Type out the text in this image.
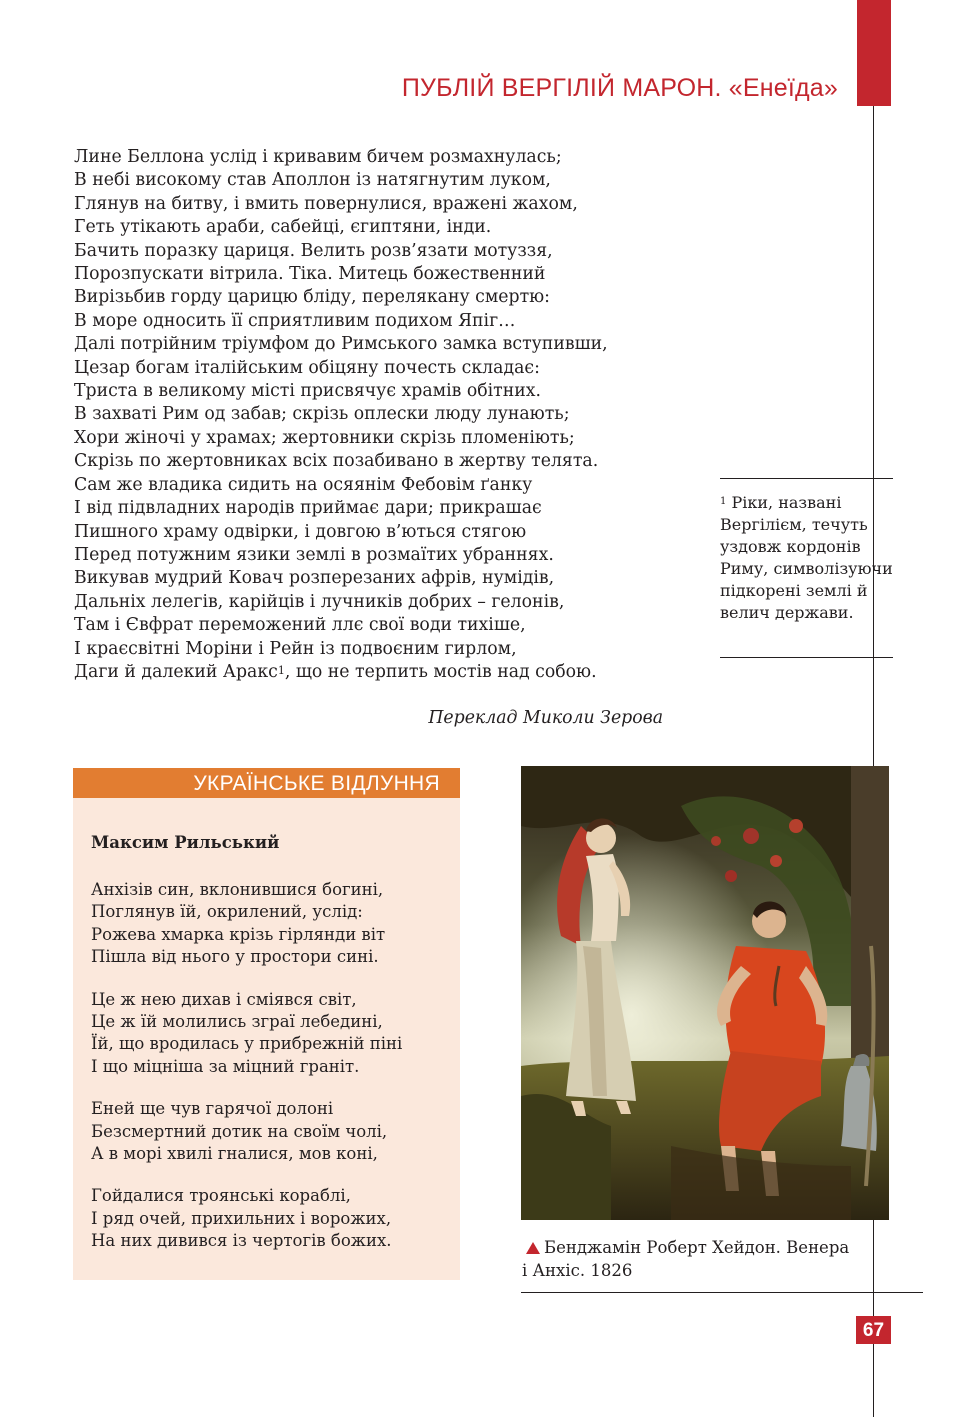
ПУБЛІЙ ВЕРГІЛІЙ МАРОН. «Енеїда»
Лине Беллона услід і кривавим бичем розмахнулась;
В небі високому став Аполлон із натягнутим луком,
Глянув на битву, і вмить повернулися, вражені жахом,
Геть утікають араби, сабейці, єгиптяни, інди.
Бачить поразку цариця. Велить розв’язати мотуззя,
Порозпускати вітрила. Тіка. Митець божественний
Вирізьбив горду царицю бліду, перелякану смертю:
В море односить її сприятливим подихом Япіг…
Далі потрійним тріумфом до Римського замка вступивши,
Цезар богам італійським обіцяну почесть складає:
Триста в великому місті присвячує храмів обітних.
В захваті Рим од забав; скрізь оплески люду лунають;
Хори жіночі у храмах; жертовники скрізь пломеніють;
Скрізь по жертовниках всіх позабивано в жертву телята.
Сам же владика сидить на осяянім Фебовім ґанку
І від підвладних народів приймає дари; прикрашає
Пишного храму одвірки, і довгою в’ються стягою
Перед потужним язики землі в розмаїтих убраннях.
Викував мудрий Ковач розперезаних афрів, нумідів,
Дальніх лелегів, карійців і лучників добрих – гелонів,
Там і Євфрат переможений ллє свої води тихіше,
І краєсвітні Моріни і Рейн із подвоєним гирлом,
Даги й далекий Аракс$^1$, що не терпить мостів над собою.
Переклад Миколи Зерова
$^1$ Ріки, названі Вергілієм, течуть уздовж кордонів Риму, символізуючи підкорені землі й велич держави.
УКРАЇНСЬКЕ ВІДЛУННЯ
Максим Рильський
Анхізів син, вклонившися богині,
Поглянув їй, окрилений, услід:
Рожева хмарка крізь гірлянди віт
Пішла від нього у простори сині.
Це ж нею дихав і сміявся світ,
Це ж їй молились зграї лебедині,
Їй, що вродилась у прибрежній піні
І що міцніша за міцний граніт.
Еней ще чув гарячої долоні
Безсмертний дотик на своїм чолі,
А в морі хвилі гналися, мов коні,
Гойдалися троянські кораблі,
І ряд очей, прихильних і ворожих,
На них дивився із чертогів божих.	Бенджамін Роберт Хейдон. Венера
і Анхіс. 1826
67
